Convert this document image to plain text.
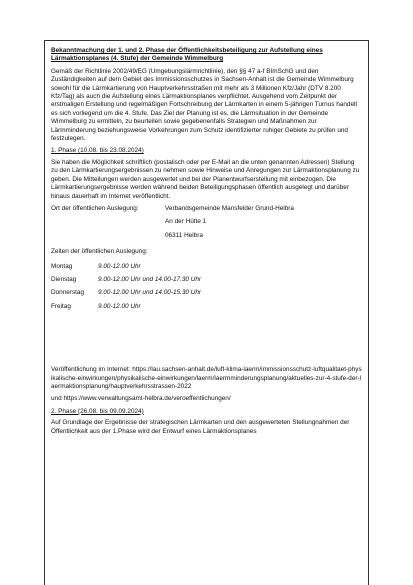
Bekanntmachung der 1. und 2. Phase der Öffentlichkeitsbeteiligung zur Aufstellung eines Lärmaktionsplanes (4. Stufe) der Gemeinde Wimmelburg

Gemäß der Richtlinie 2002/49/EG (Umgebungslärmrichtlinie), den §§ 47 a-f BImSchG und den Zuständigkeiten auf dem Gebiet des Immissionsschutzes in Sachsen-Anhalt ist die Gemeinde Wimmelburg sowohl für die Lärmkartierung von Hauptverkehrsstraßen mit mehr als 3 Millionen Kfz/Jahr (DTV 8.200 Kfz/Tag) als auch die Aufstellung eines Lärmaktionsplanes verpflichtet. Ausgehend vom Zeitpunkt der erstmaligen Erstellung und regelmäßigen Fortschreibung der Lärmkarten in einem 5-jährigen Turnus handelt es sich vorliegend um die 4. Stufe. Das Ziel der Planung ist es, die Lärmsituation in der Gemeinde Wimmelburg zu ermitteln, zu beurteilen sowie gegebenenfalls Strategien und Maßnahmen zur Lärmminderung beziehungsweise Vorkehrungen zum Schutz identifizierter ruhiger Gebiete zu prüfen und festzulegen.

1. Phase (10.08. bis 23.08.2024)

Sie haben die Möglichkeit schriftlich (postalisch oder per E-Mail an die unten genannten Adressen) Stellung zu den Lärmkartierungsergebnissen zu nehmen sowie Hinweise und Anregungen zur Lärmaktionsplanung zu geben. Die Mitteilungen werden ausgewertet und bei der Planentwurfserstellung mit einbezogen. Die Lärmkartierungsergebnisse werden während beiden Beteiligungsphasen öffentlich ausgelegt und darüber hinaus dauerhaft im Internet veröffentlicht.

Ort der öffentlichen Auslegung:	Verbandsgemeinde Mansfelder Grund-Helbra
An der Hütte 1
06311 Helbra
Zeiten der öffentlichen Auslegung:
Montag	9.00-12.00 Uhr
Dienstag	9.00-12.00 Uhr und 14.00-17.30 Uhr
Donnerstag	9.00-12.00 Uhr und 14.00-15.30 Uhr
Freitag	9.00-12.00 Uhr

Veröffentlichung im Internet: https://lau.sachsen-anhalt.de/luft-klima-laerm/immissionsschutz-luftqualitaet-physikalische-einwirkungen/physikalische-einwirkungen/laerm/laermminderungsplanung/aktuelles-zur-4-stufe-der-laermaktionsplanung/hauptverkehrsstrassen-2022

und https://www.verwaltungsamt-helbra.de/veroeffentlichungen/

2. Phase (26.08. bis 09.09.2024)

Auf Grundlage der Ergebnisse der strategischen Lärmkarten und den ausgewerteten Stellungnahmen der Öffentlichkeit aus der 1.Phase wird der Entwurf eines Lärmaktionsplanes
